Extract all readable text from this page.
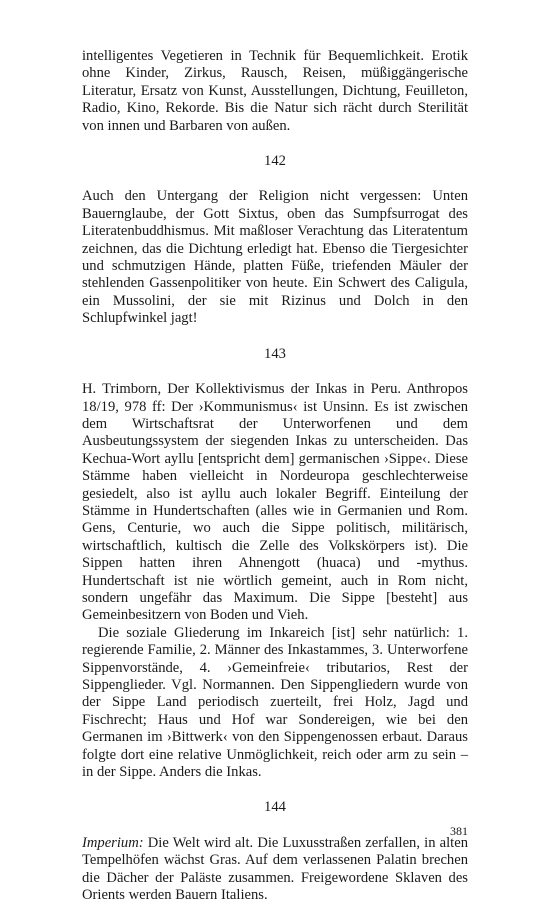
intelligentes Vegetieren in Technik für Bequemlichkeit. Erotik ohne Kinder, Zirkus, Rausch, Reisen, müßiggängerische Literatur, Ersatz von Kunst, Ausstellungen, Dichtung, Feuilleton, Radio, Kino, Rekorde. Bis die Natur sich rächt durch Sterilität von innen und Barbaren von außen.

142

Auch den Untergang der Religion nicht vergessen: Unten Bauernglaube, der Gott Sixtus, oben das Sumpfsurrogat des Literatenbuddhismus. Mit maßloser Verachtung das Literatentum zeichnen, das die Dichtung erledigt hat. Ebenso die Tiergesichter und schmutzigen Hände, platten Füße, triefenden Mäuler der stehlenden Gassenpolitiker von heute. Ein Schwert des Caligula, ein Mussolini, der sie mit Rizinus und Dolch in den Schlupfwinkel jagt!

143

H. Trimborn, Der Kollektivismus der Inkas in Peru. Anthropos 18/19, 978 ff: Der ›Kommunismus‹ ist Unsinn. Es ist zwischen dem Wirtschaftsrat der Unterworfenen und dem Ausbeutungssystem der siegenden Inkas zu unterscheiden. Das Kechua-Wort ayllu [entspricht dem] germanischen ›Sippe‹. Diese Stämme haben vielleicht in Nordeuropa geschlechterweise gesiedelt, also ist ayllu auch lokaler Begriff. Einteilung der Stämme in Hundertschaften (alles wie in Germanien und Rom. Gens, Centurie, wo auch die Sippe politisch, militärisch, wirtschaftlich, kultisch die Zelle des Volkskörpers ist). Die Sippen hatten ihren Ahnengott (huaca) und -mythus. Hundertschaft ist nie wörtlich gemeint, auch in Rom nicht, sondern ungefähr das Maximum. Die Sippe [besteht] aus Gemeinbesitzern von Boden und Vieh.

Die soziale Gliederung im Inkareich [ist] sehr natürlich: 1. regierende Familie, 2. Männer des Inkastammes, 3. Unterworfene Sippenvorstände, 4. ›Gemeinfreie‹ tributarios, Rest der Sippenglieder. Vgl. Normannen. Den Sippengliedern wurde von der Sippe Land periodisch zuerteilt, frei Holz, Jagd und Fischrecht; Haus und Hof war Sondereigen, wie bei den Germanen im ›Bittwerk‹ von den Sippengenossen erbaut. Daraus folgte dort eine relative Unmöglichkeit, reich oder arm zu sein – in der Sippe. Anders die Inkas.

144

Imperium: Die Welt wird alt. Die Luxusstraßen zerfallen, in alten Tempelhöfen wächst Gras. Auf dem verlassenen Palatin brechen die Dächer der Paläste zusammen. Freigewordene Sklaven des Orients werden Bauern Italiens.

381
